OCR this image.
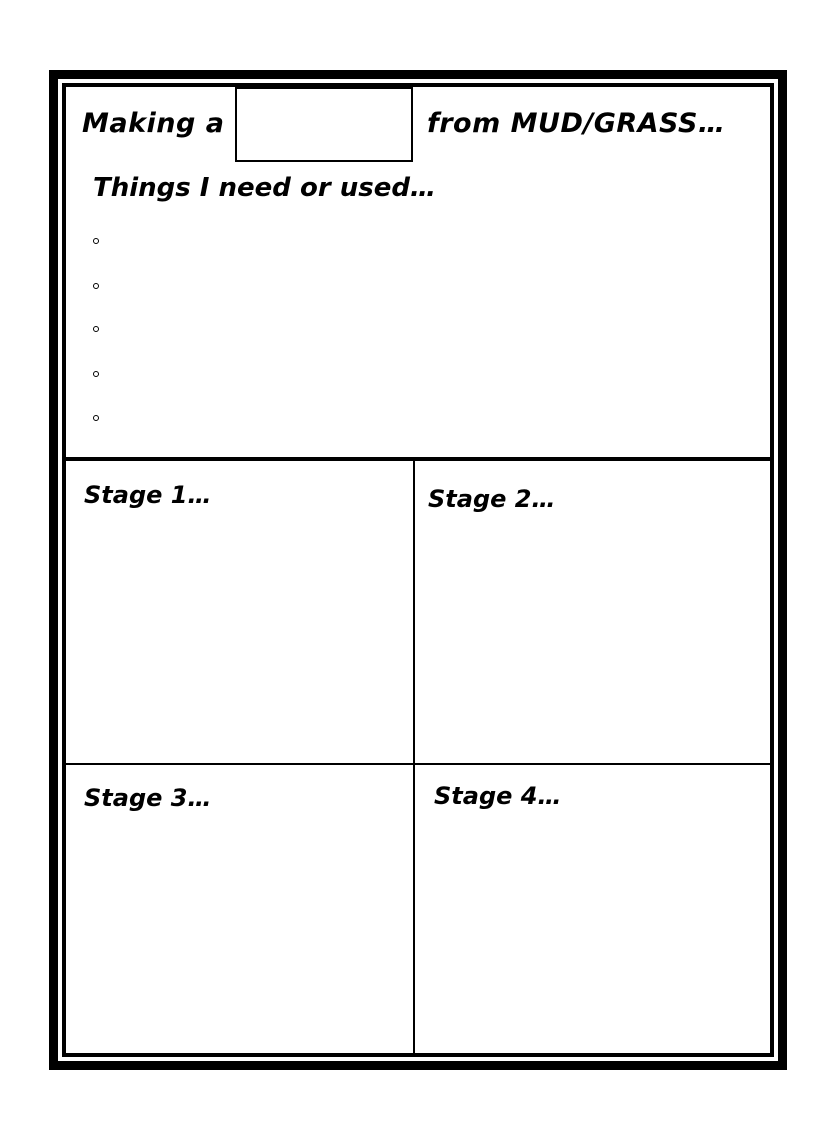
Making a	from MUD/GRASS…
Things I need or used…
Stage 1…	Stage 2…
Stage 3…	Stage 4…
